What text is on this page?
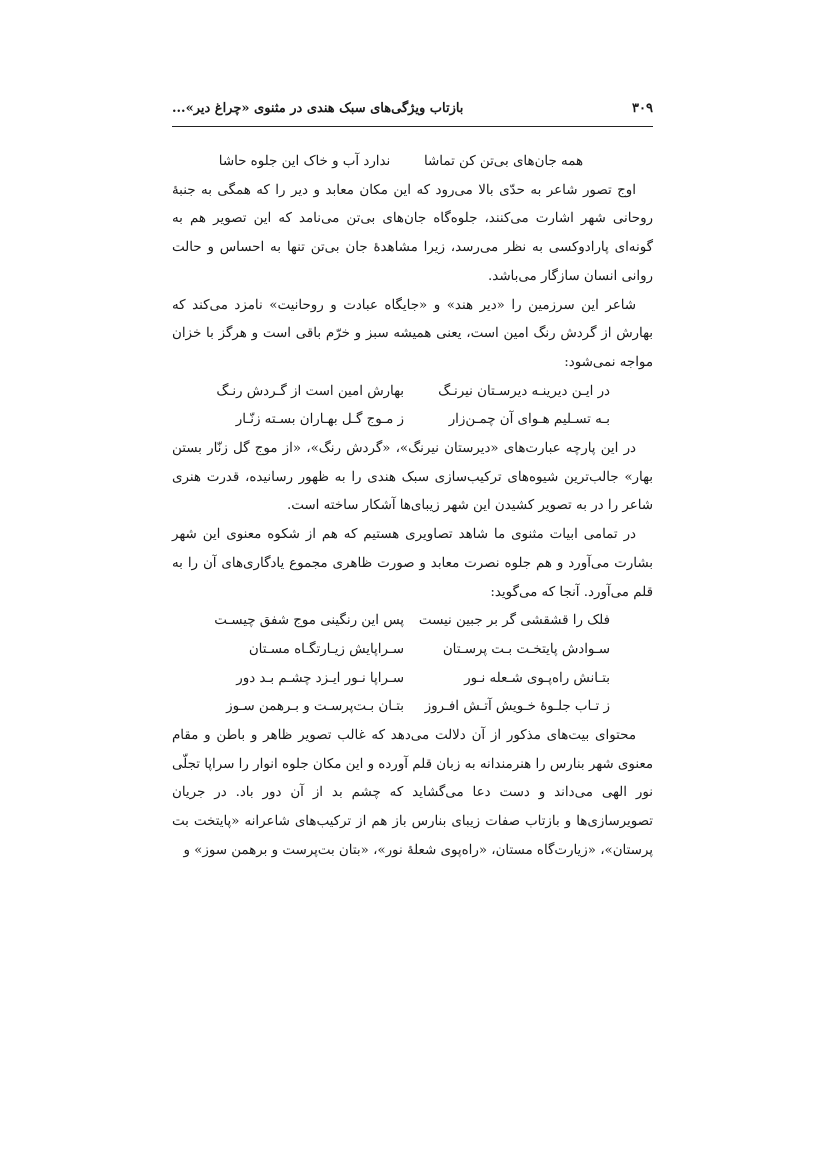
۳۰۹
بازتاب ویژگی‌های سبک هندی در مثنوی «چراغ دیر»...
همه جان‌های بی‌تن کن تماشا
ندارد آب و خاک این جلوه حاشا

اوج تصور شاعر به حدّی بالا می‌رود که این مکان معابد و دیر را که همگی به جنبهٔ روحانی شهر اشارت می‌کنند، جلوه‌گاه جان‌های بی‌تن می‌نامد که این تصویر هم به گونه‌ای پارادوکسی به نظر می‌رسد، زیرا مشاهدهٔ جان بی‌تن تنها به احساس و حالت روانی انسان سازگار می‌باشد.

شاعر این سرزمین را «دیر هند» و «جایگاه عبادت و روحانیت» نامزد می‌کند که بهارش از گردش رنگ امین است، یعنی همیشه سبز و خرّم باقی است و هرگز با خزان مواجه نمی‌شود:

در ایـن دیرینـه دیرسـتان نیرنـگ
بهارش امین است از گـردش رنـگ
بـه تسـلیم هـوای آن چمـن‌زار
ز مـوج گـل بهـاران بسـته زنّـار

در این پارچه عبارت‌های «دیرستان نیرنگ»، «گردش رنگ»، «از موج گل زنّار بستن بهار» جالب‌ترین شیوه‌های ترکیب‌سازی سبک هندی را به ظهور رسانیده، قدرت هنری شاعر را در به تصویر کشیدن این شهر زیبای‌ها آشکار ساخته است.

در تمامی ابیات مثنوی ما شاهد تصاویری هستیم که هم از شکوه معنوی این شهر بشارت می‌آورد و هم جلوه نصرت معابد و صورت ظاهری مجموع یادگاری‌های آن را به قلم می‌آورد. آنجا که می‌گوید:

فلک را قشقشی گر بر جبین نیست
پس این رنگینی موج شفق چیسـت
سـوادش پایتخـت بـت پرسـتان
سـراپایش زیـارتگـاه مسـتان
بتـانش راه‌پـوی شـعله نـور
سـراپا نـور ایـزد چشـم بـد دور
ز تـاب جلـوهٔ خـویش آتـش افـروز
بتـان بـت‌پرسـت و بـرهمن سـوز

محتوای بیت‌های مذکور از آن دلالت می‌دهد که غالب تصویر ظاهر و باطن و مقام معنوی شهر بنارس را هنرمندانه به زبان قلم آورده و این مکان جلوه انوار را سراپا تجلّی نور الهی می‌داند و دست دعا می‌گشاید که چشم بد از آن دور باد. در جریان تصویرسازی‌ها و بازتاب صفات زیبای بنارس باز هم از ترکیب‌های شاعرانه «پایتخت بت پرستان»، «زیارت‌گاه مستان، «راه‌پوی شعلهٔ نور»، «بتان بت‌پرست و برهمن سوز» و
